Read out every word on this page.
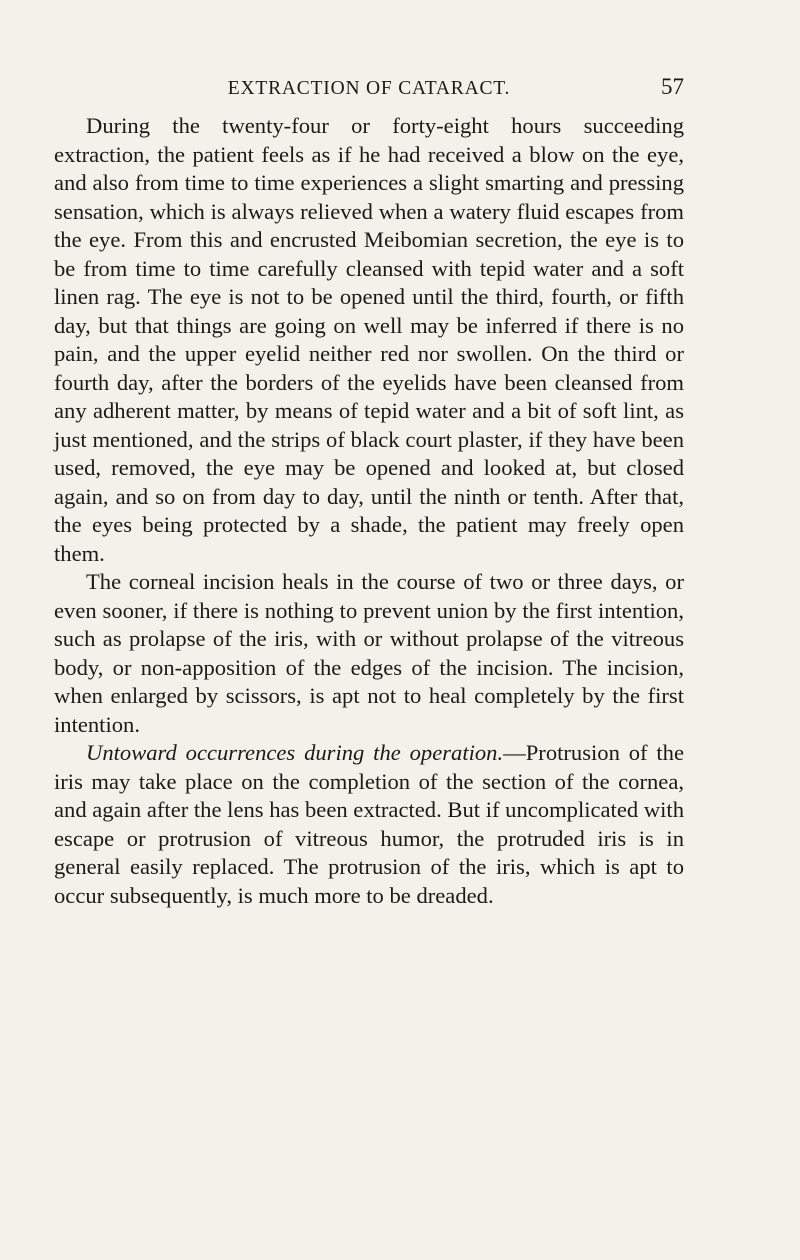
EXTRACTION OF CATARACT.	57

During the twenty-four or forty-eight hours succeeding extraction, the patient feels as if he had received a blow on the eye, and also from time to time experiences a slight smarting and pressing sensation, which is always relieved when a watery fluid escapes from the eye. From this and encrusted Meibomian secretion, the eye is to be from time to time carefully cleansed with tepid water and a soft linen rag. The eye is not to be opened until the third, fourth, or fifth day, but that things are going on well may be inferred if there is no pain, and the upper eyelid neither red nor swollen. On the third or fourth day, after the borders of the eyelids have been cleansed from any adherent matter, by means of tepid water and a bit of soft lint, as just mentioned, and the strips of black court plaster, if they have been used, removed, the eye may be opened and looked at, but closed again, and so on from day to day, until the ninth or tenth. After that, the eyes being protected by a shade, the patient may freely open them.

The corneal incision heals in the course of two or three days, or even sooner, if there is nothing to prevent union by the first intention, such as prolapse of the iris, with or without prolapse of the vitreous body, or non-apposition of the edges of the incision. The incision, when enlarged by scissors, is apt not to heal completely by the first intention.

Untoward occurrences during the operation.—Protrusion of the iris may take place on the completion of the section of the cornea, and again after the lens has been extracted. But if uncomplicated with escape or protrusion of vitreous humor, the protruded iris is in general easily replaced. The protrusion of the iris, which is apt to occur subsequently, is much more to be dreaded.
